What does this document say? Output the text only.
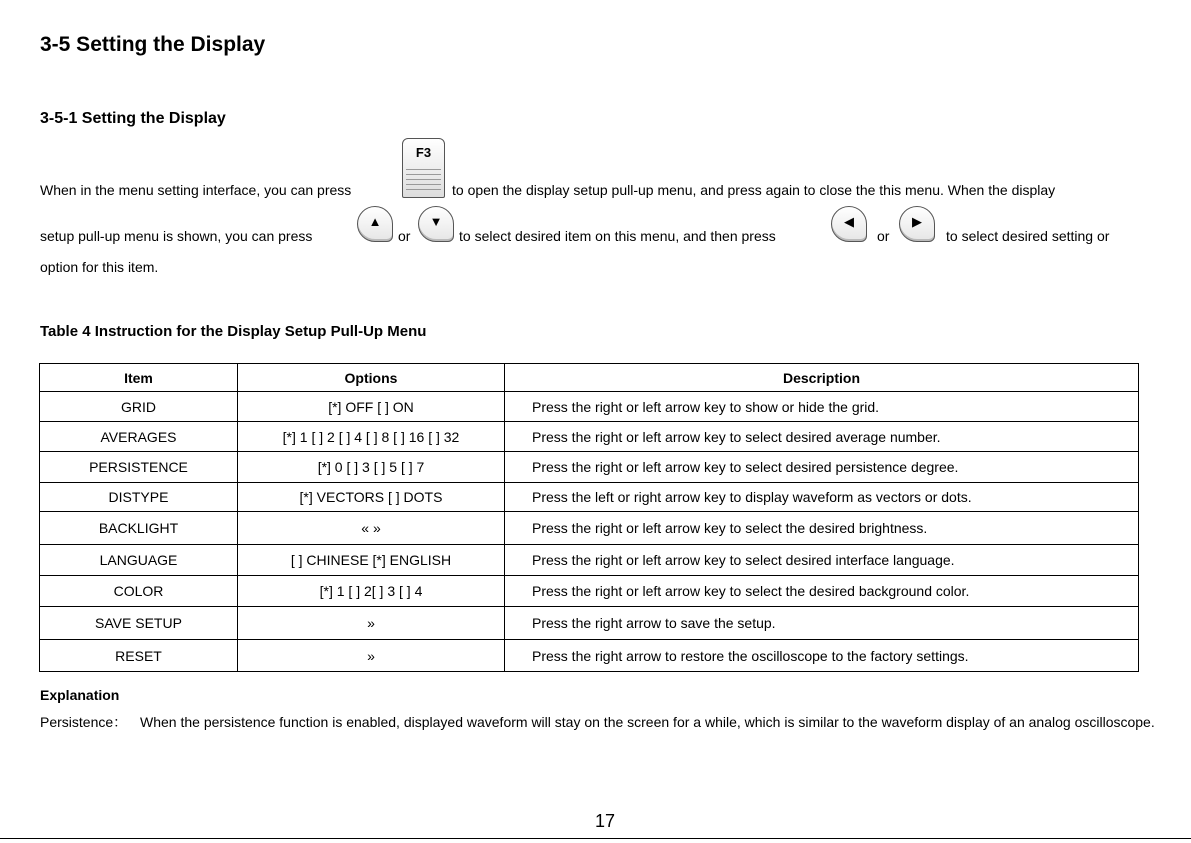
3-5 Setting the Display
3-5-1 Setting the Display
When in the menu setting interface, you can press
F3
to open the display setup pull-up menu, and press again to close the this menu. When the display
setup pull-up menu is shown, you can press
▲
or
▼
to select desired item on this menu, and then press
◀
or
▶
to select desired setting or
option for this item.
Table 4 Instruction for the Display Setup Pull-Up Menu
Item	Options	Description
GRID	[*] OFF [ ] ON	Press the right or left arrow key to show or hide the grid.
AVERAGES	[*] 1 [ ] 2 [ ] 4 [ ] 8 [ ] 16 [ ] 32	Press the right or left arrow key to select desired average number.
PERSISTENCE	[*] 0 [ ] 3 [ ] 5 [ ] 7	Press the right or left arrow key to select desired persistence degree.
DISTYPE	[*] VECTORS [ ] DOTS	Press the left or right arrow key to display waveform as vectors or dots.
BACKLIGHT	« »	Press the right or left arrow key to select the desired brightness.
LANGUAGE	[ ] CHINESE [*] ENGLISH	Press the right or left arrow key to select desired interface language.
COLOR	[*] 1 [ ] 2[ ] 3 [ ] 4	Press the right or left arrow key to select the desired background color.
SAVE SETUP	»	Press the right arrow to save the setup.
RESET	»	Press the right arrow to restore the oscilloscope to the factory settings.
Explanation
Persistence： When the persistence function is enabled, displayed waveform will stay on the screen for a while, which is similar to the waveform display of an analog oscilloscope.
17
